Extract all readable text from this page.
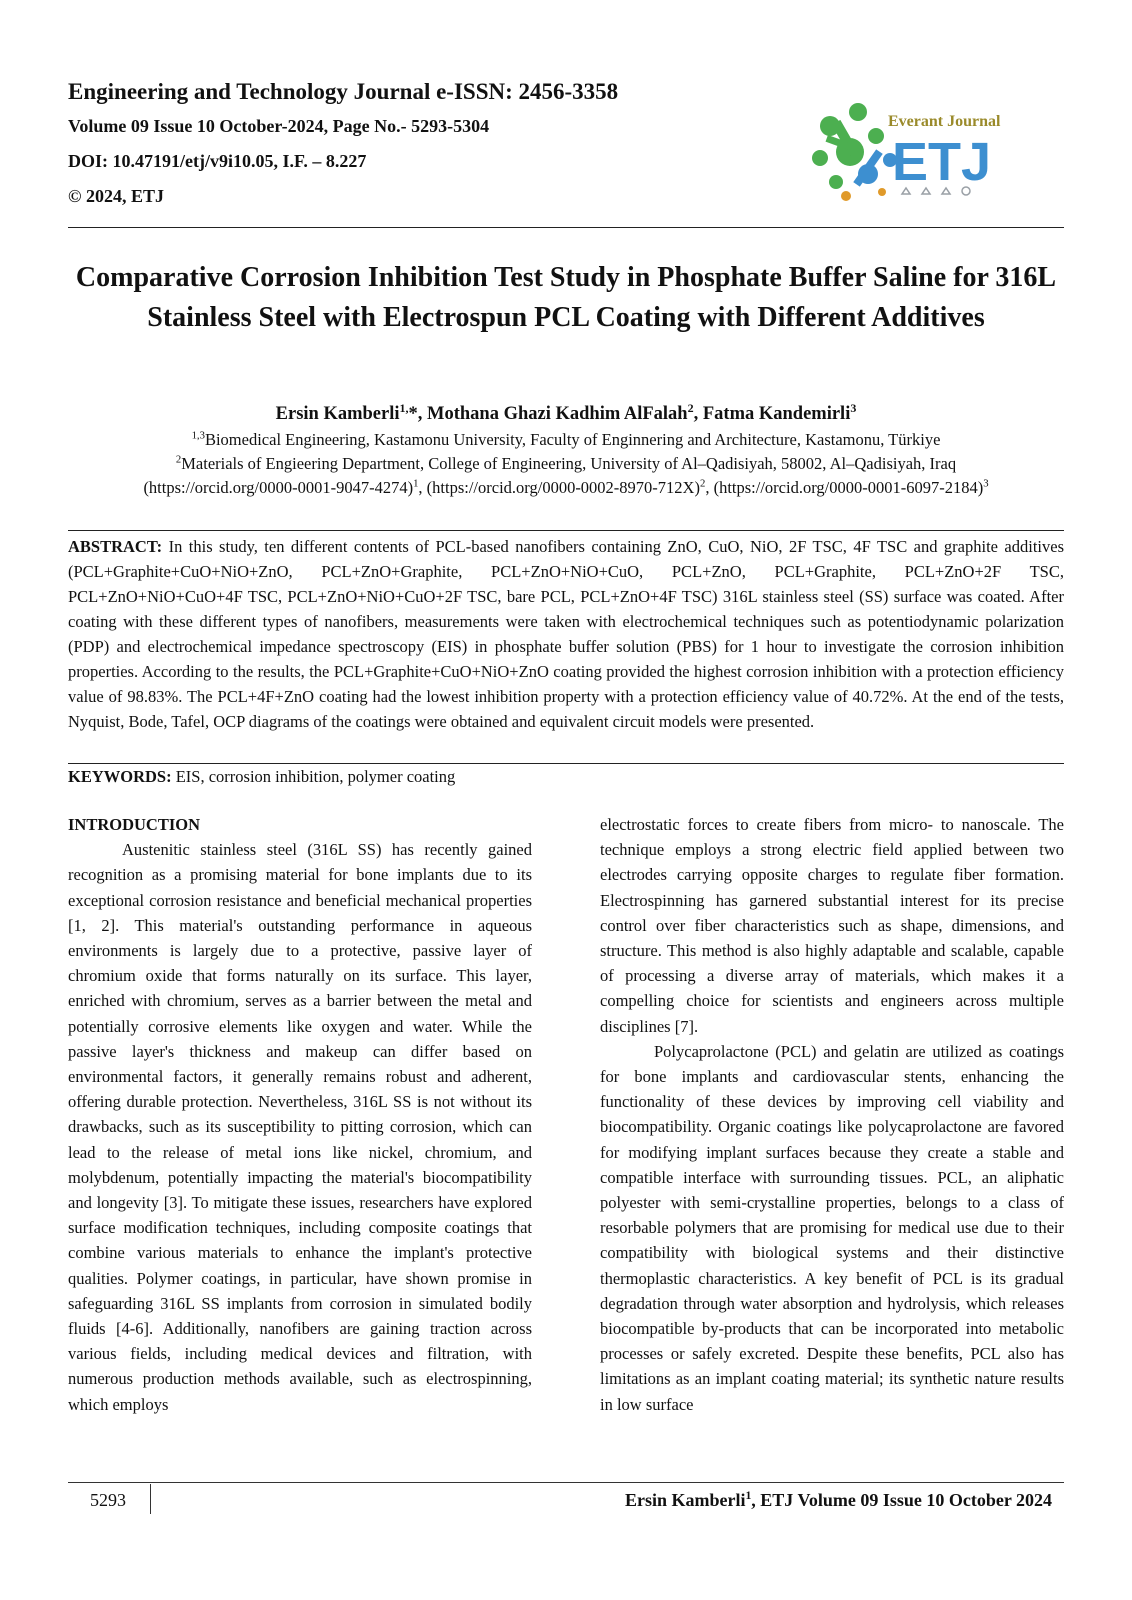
Engineering and Technology Journal e-ISSN: 2456-3358
Volume 09 Issue 10 October-2024, Page No.- 5293-5304
DOI: 10.47191/etj/v9i10.05, I.F. – 8.227
© 2024, ETJ
Everant Journal
ETJ
Comparative Corrosion Inhibition Test Study in Phosphate Buffer Saline for 316L Stainless Steel with Electrospun PCL Coating with Different Additives

Ersin Kamberli$^{1,}$*, Mothana Ghazi Kadhim AlFalah$^2$, Fatma Kandemirli$^3$

$^{1,3}$Biomedical Engineering, Kastamonu University, Faculty of Enginnering and Architecture, Kastamonu, Türkiye

$^2$Materials of Engieering Department, College of Engineering, University of Al–Qadisiyah, 58002, Al–Qadisiyah, Iraq

(https://orcid.org/0000-0001-9047-4274)$^1$, (https://orcid.org/0000-0002-8970-712X)$^2$, (https://orcid.org/0000-0001-6097-2184)$^3$

ABSTRACT: In this study, ten different contents of PCL-based nanofibers containing ZnO, CuO, NiO, 2F TSC, 4F TSC and graphite additives (PCL+Graphite+CuO+NiO+ZnO, PCL+ZnO+Graphite, PCL+ZnO+NiO+CuO, PCL+ZnO, PCL+Graphite, PCL+ZnO+2F TSC, PCL+ZnO+NiO+CuO+4F TSC, PCL+ZnO+NiO+CuO+2F TSC, bare PCL, PCL+ZnO+4F TSC) 316L stainless steel (SS) surface was coated. After coating with these different types of nanofibers, measurements were taken with electrochemical techniques such as potentiodynamic polarization (PDP) and electrochemical impedance spectroscopy (EIS) in phosphate buffer solution (PBS) for 1 hour to investigate the corrosion inhibition properties. According to the results, the PCL+Graphite+CuO+NiO+ZnO coating provided the highest corrosion inhibition with a protection efficiency value of 98.83%. The PCL+4F+ZnO coating had the lowest inhibition property with a protection efficiency value of 40.72%. At the end of the tests, Nyquist, Bode, Tafel, OCP diagrams of the coatings were obtained and equivalent circuit models were presented.

KEYWORDS: EIS, corrosion inhibition, polymer coating

INTRODUCTION

Austenitic stainless steel (316L SS) has recently gained recognition as a promising material for bone implants due to its exceptional corrosion resistance and beneficial mechanical properties [1, 2]. This material's outstanding performance in aqueous environments is largely due to a protective, passive layer of chromium oxide that forms naturally on its surface. This layer, enriched with chromium, serves as a barrier between the metal and potentially corrosive elements like oxygen and water. While the passive layer's thickness and makeup can differ based on environmental factors, it generally remains robust and adherent, offering durable protection. Nevertheless, 316L SS is not without its drawbacks, such as its susceptibility to pitting corrosion, which can lead to the release of metal ions like nickel, chromium, and molybdenum, potentially impacting the material's biocompatibility and longevity [3]. To mitigate these issues, researchers have explored surface modification techniques, including composite coatings that combine various materials to enhance the implant's protective qualities. Polymer coatings, in particular, have shown promise in safeguarding 316L SS implants from corrosion in simulated bodily fluids [4-6]. Additionally, nanofibers are gaining traction across various fields, including medical devices and filtration, with numerous production methods available, such as electrospinning, which employs

electrostatic forces to create fibers from micro- to nanoscale. The technique employs a strong electric field applied between two electrodes carrying opposite charges to regulate fiber formation. Electrospinning has garnered substantial interest for its precise control over fiber characteristics such as shape, dimensions, and structure. This method is also highly adaptable and scalable, capable of processing a diverse array of materials, which makes it a compelling choice for scientists and engineers across multiple disciplines [7].

Polycaprolactone (PCL) and gelatin are utilized as coatings for bone implants and cardiovascular stents, enhancing the functionality of these devices by improving cell viability and biocompatibility. Organic coatings like polycaprolactone are favored for modifying implant surfaces because they create a stable and compatible interface with surrounding tissues. PCL, an aliphatic polyester with semi-crystalline properties, belongs to a class of resorbable polymers that are promising for medical use due to their compatibility with biological systems and their distinctive thermoplastic characteristics. A key benefit of PCL is its gradual degradation through water absorption and hydrolysis, which releases biocompatible by-products that can be incorporated into metabolic processes or safely excreted. Despite these benefits, PCL also has limitations as an implant coating material; its synthetic nature results in low surface

5293	Ersin Kamberli$^1$, ETJ Volume 09 Issue 10 October 2024
